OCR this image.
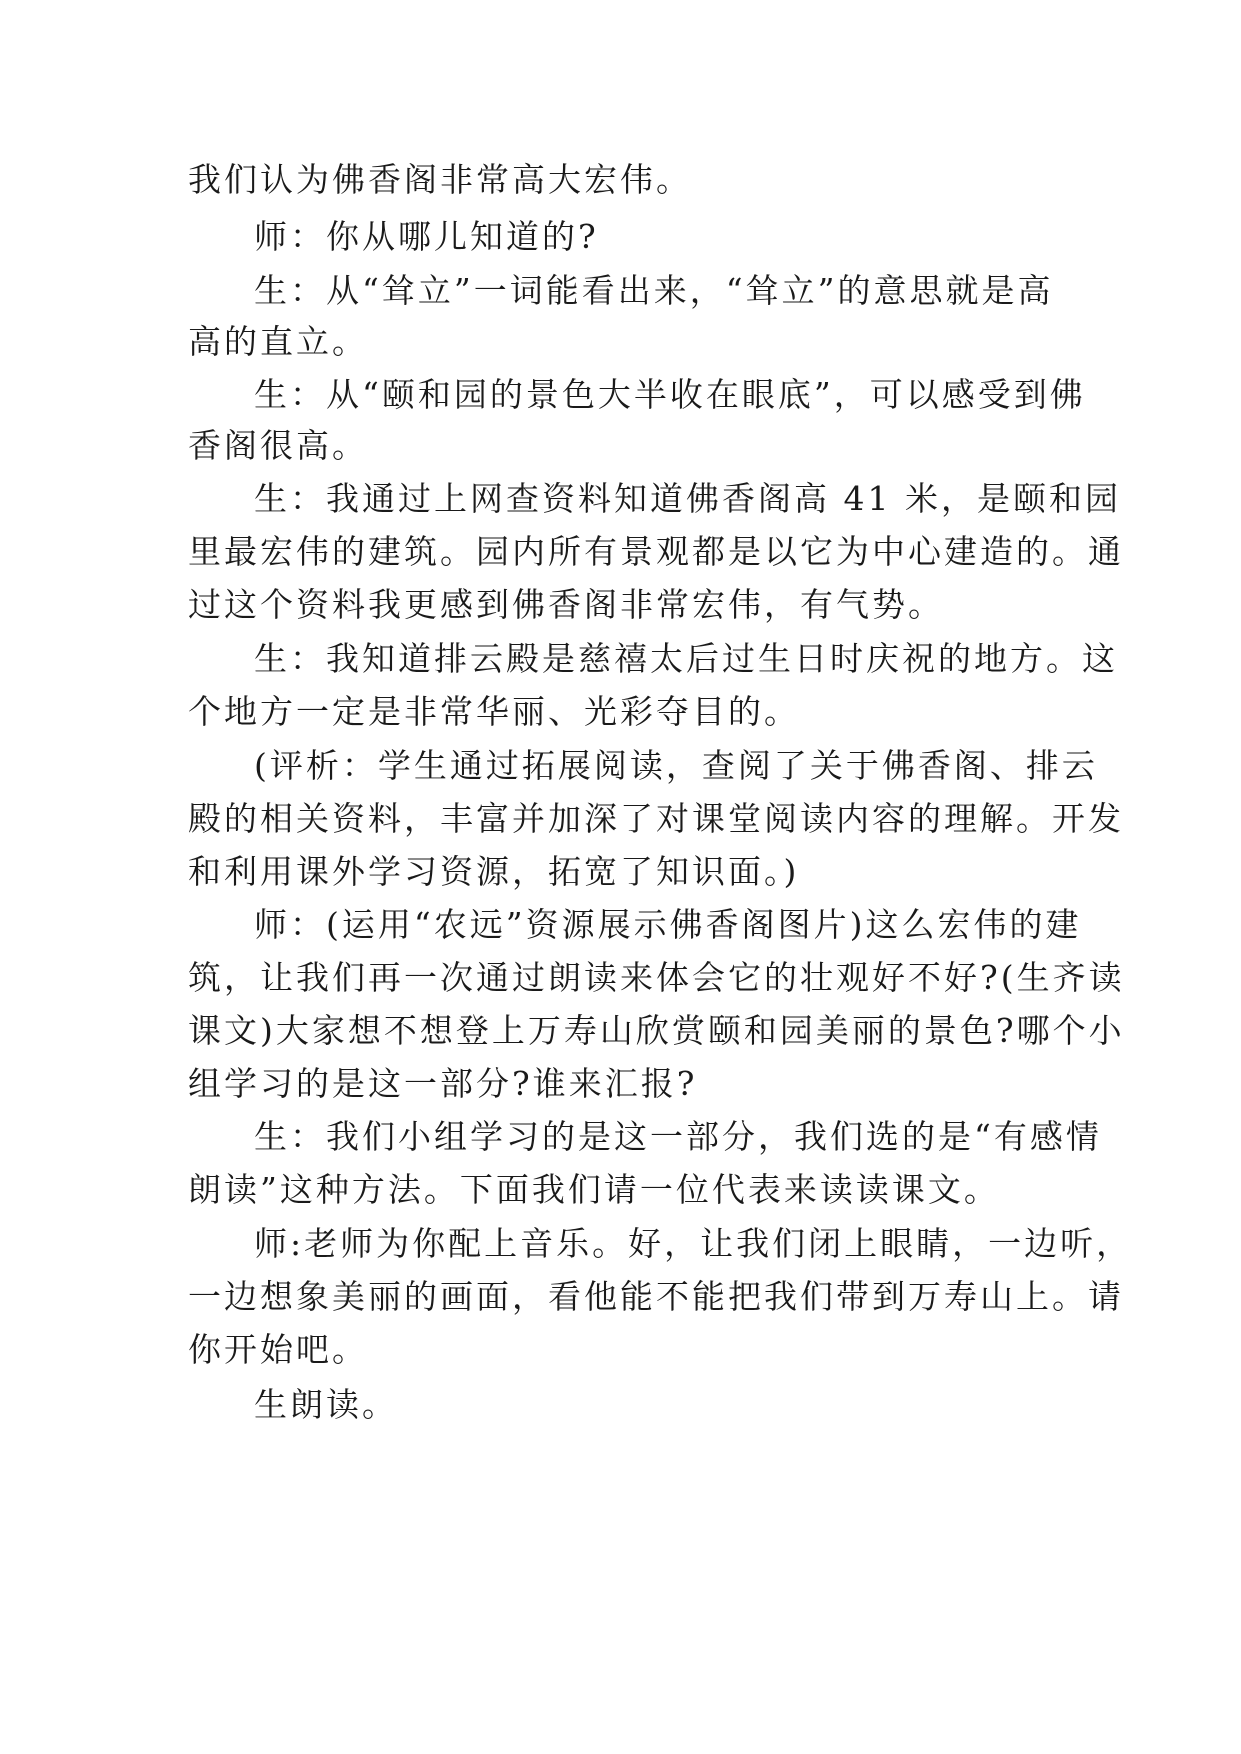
我们认为佛香阁非常高大宏伟。
师：你从哪儿知道的?
生：从“耸立”一词能看出来，“耸立”的意思就是高
高的直立。
生：从“颐和园的景色大半收在眼底”，可以感受到佛
香阁很高。
生：我通过上网查资料知道佛香阁高 41 米，是颐和园
里最宏伟的建筑。园内所有景观都是以它为中心建造的。通
过这个资料我更感到佛香阁非常宏伟，有气势。
生：我知道排云殿是慈禧太后过生日时庆祝的地方。这
个地方一定是非常华丽、光彩夺目的。
(评析：学生通过拓展阅读，查阅了关于佛香阁、排云
殿的相关资料，丰富并加深了对课堂阅读内容的理解。开发
和利用课外学习资源，拓宽了知识面。)
师：(运用“农远”资源展示佛香阁图片)这么宏伟的建
筑，让我们再一次通过朗读来体会它的壮观好不好?(生齐读
课文)大家想不想登上万寿山欣赏颐和园美丽的景色?哪个小
组学习的是这一部分?谁来汇报?
生：我们小组学习的是这一部分，我们选的是“有感情
朗读”这种方法。下面我们请一位代表来读读课文。
师:老师为你配上音乐。好，让我们闭上眼睛，一边听，
一边想象美丽的画面，看他能不能把我们带到万寿山上。请
你开始吧。
生朗读。
